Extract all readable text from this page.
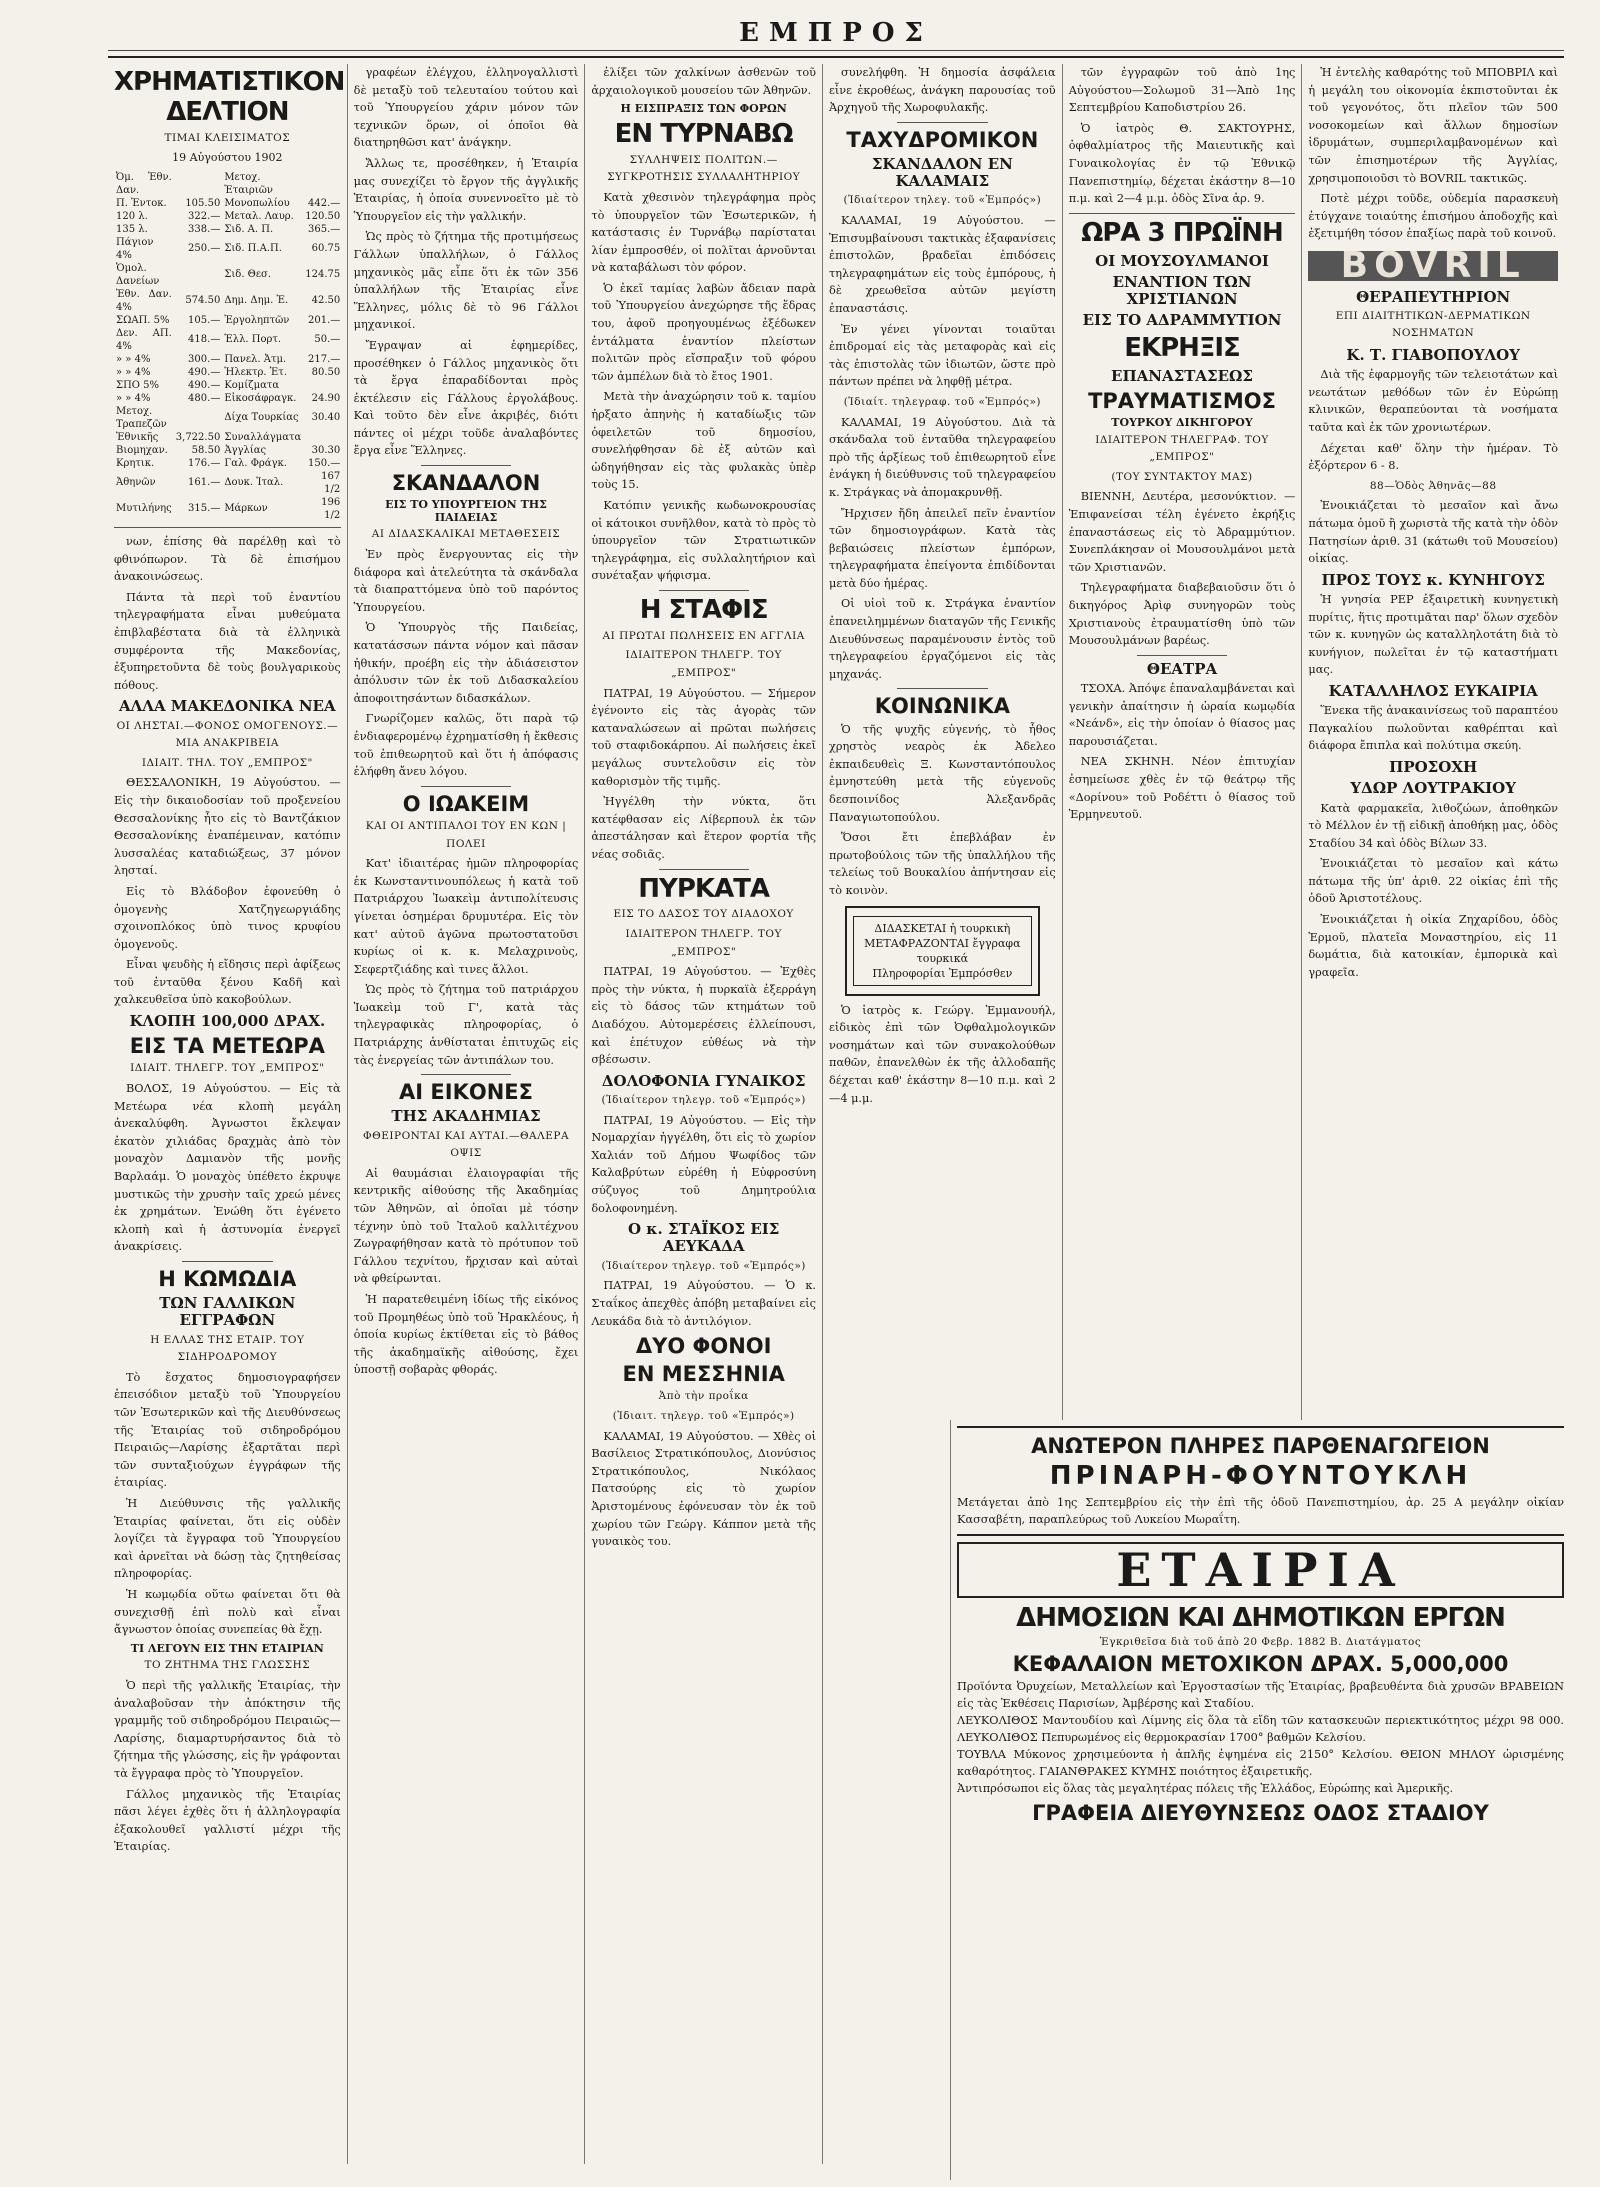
ΕΜΠΡΟΣ
ΧΡΗΜΑΤΙΣΤΙΚΟΝ ΔΕΛΤΙΟΝ
ΤΙΜΑΙ ΚΛΕΙΣΙΜΑΤΟΣ
19 Αὐγούστου 1902
Ὀμ. Ἐθν. Δαν.		Μετοχ. Ἑταιριῶν	
Π. Ἐντοκ.	105.50	Μονοπωλίου	442.—
120 λ.	322.—	Μεταλ. Λαυρ.	120.50
135 λ.	338.—	Σιδ. Α. Π.	365.—
Πάγιον 4%	250.—	Σιδ. Π.Α.Π.	60.75
Ὁμολ. Δανείων		Σιδ. Θεσ.	124.75
Ἐθν. Δαν. 4%	574.50	Δημ. Δημ. Ἐ.	42.50
ΣΩΑΠ. 5%	105.—	Ἐργοληπτῶν	201.—
Δεν. ΑΠ. 4%	418.—	Ἑλλ. Πορτ.	50.—
» » 4%	300.—	Πανελ. Ἀτμ.	217.—
» » 4%	490.—	Ἡλεκτρ. Ἐτ.	80.50
ΣΠΟ 5%	490.—	Κομίζματα	
» » 4%	480.—	Εἰκοσάφραγκ.	24.90
Μετοχ. Τραπεζῶν		Δίχα Τουρκίας	30.40
Ἐθνικῆς	3,722.50	Συναλλάγματα	
Βιομηχαν.	58.50	Ἀγγλίας	30.30
Κρητικ.	176.—	Γαλ. Φράγκ.	150.—
Ἀθηνῶν	161.—	Δουκ. Ἰταλ.	167 1/2
Μυτιλήνης	315.—	Μάρκων	196 1/2

νων, ἐπίσης θὰ παρέλθῃ καὶ τὸ φθινόπωρον. Τὰ δὲ ἐπισήμου ἀνακοινώσεως.

Πάντα τὰ περὶ τοῦ ἐναντίου τηλεγραφήματα εἶναι μυθεύματα ἐπιβλαβέστατα διὰ τὰ ἑλληνικὰ συμφέροντα τῆς Μακεδονίας, ἐξυπηρετοῦντα δὲ τοὺς βουλγαρικοὺς πόθους.

ΑΛΛΑ ΜΑΚΕΔΟΝΙΚΑ ΝΕΑ
ΟΙ ΛΗΣΤΑΙ.—ΦΟΝΟΣ ΟΜΟΓΕΝΟΥΣ.— ΜΙΑ ΑΝΑΚΡΙΒΕΙΑ
ΙΔΙΑΙΤ. ΤΗΛ. ΤΟΥ „ΕΜΠΡΟΣ"

ΘΕΣΣΑΛΟΝΙΚΗ, 19 Αὐγούστου. — Εἰς τὴν δικαιοδοσίαν τοῦ προξενείου Θεσσαλονίκης ἦτο εἰς τὸ Βαντζάκιον Θεσσαλονίκης ἐναπέμειναν, κατόπιν λυσσαλέας καταδιώξεως, 37 μόνον λησταί.

Εἰς τὸ Βλάδοβον ἐφονεύθη ὁ ὁμογενὴς Χατζηγεωργιάδης σχοινοπλόκος ὑπὸ τινος κρυφίου ὁμογενοῦς.

Εἶναι ψευδὴς ἡ εἴδησις περὶ ἀφίξεως τοῦ ἐνταῦθα ξένου Καδῆ καὶ χαλκευθεῖσα ὑπὸ κακοβούλων.

ΚΛΟΠΗ 100,000 ΔΡΑΧ.
ΕΙΣ ΤΑ ΜΕΤΕΩΡΑ
ΙΔΙΑΙΤ. ΤΗΛΕΓΡ. ΤΟΥ „ΕΜΠΡΟΣ"

ΒΟΛΟΣ, 19 Αὐγούστου. — Εἰς τὰ Μετέωρα νέα κλοπὴ μεγάλη ἀνεκαλύφθη. Ἀγνωστοι ἔκλεψαν ἐκατὸν χιλιάδας δραχμὰς ἀπὸ τὸν μοναχὸν Δαμιανὸν τῆς μονῆς Βαρλαάμ. Ὁ μοναχὸς ὑπέθετο ἐκρυψε μυστικῶς τὴν χρυσὴν ταῖς χρεώ μένες ἐκ χρημάτων. Ἐνώθη ὅτι ἐγένετο κλοπὴ καὶ ἡ ἀστυνομία ἐνεργεῖ ἀνακρίσεις.

Η ΚΩΜΩΔΙΑ
ΤΩΝ ΓΑΛΛΙΚΩΝ ΕΓΓΡΑΦΩΝ
Η ΕΛΛΑΣ ΤΗΣ ΕΤΑΙΡ. ΤΟΥ ΣΙΔΗΡΟΔΡΟΜΟΥ

Τὸ ἔσχατος δημοσιογραφήσεν ἐπεισόδιον μεταξὺ τοῦ Ὑπουργείου τῶν Ἐσωτερικῶν καὶ τῆς Διευθύνσεως τῆς Ἑταιρίας τοῦ σιδηροδρόμου Πειραιῶς—Λαρίσης ἐξαρτᾶται περὶ τῶν συνταξιούχων ἐγγράφων τῆς ἑταιρίας.

Ἡ Διεύθυνσις τῆς γαλλικῆς Ἑταιρίας φαίνεται, ὅτι εἰς οὐδὲν λογίζει τὰ ἔγγραφα τοῦ Ὑπουργείου καὶ ἀρνεῖται νὰ δώσῃ τὰς ζητηθείσας πληροφορίας.

Ἡ κωμῳδία οὕτω φαίνεται ὅτι θὰ συνεχισθῇ ἐπὶ πολὺ καὶ εἶναι ἄγνωστον ὁποίας συνεπείας θὰ ἔχῃ.

ΤΙ ΛΕΓΟΥΝ ΕΙΣ ΤΗΝ ΕΤΑΙΡΙΑΝ
ΤΟ ΖΗΤΗΜΑ ΤΗΣ ΓΛΩΣΣΗΣ

Ὁ περὶ τῆς γαλλικῆς Ἑταιρίας, τὴν ἀναλαβοῦσαν τὴν ἀπόκτησιν τῆς γραμμῆς τοῦ σιδηροδρόμου Πειραιῶς—Λαρίσης, διαμαρτυρήσαντος διὰ τὸ ζήτημα τῆς γλώσσης, εἰς ἣν γράφονται τὰ ἔγγραφα πρὸς τὸ Ὑπουργεῖον.

Γάλλος μηχανικὸς τῆς Ἑταιρίας πᾶσι λέγει ἐχθὲς ὅτι ἡ ἀλληλογραφία ἐξακολουθεῖ γαλλιστί μέχρι τῆς Ἑταιρίας.

γραφέων ἐλέγχου, ἑλληνογαλλιστὶ δὲ μεταξὺ τοῦ τελευταίου τούτου καὶ τοῦ Ὑπουργείου χάριν μόνον τῶν τεχνικῶν ὅρων, οἱ ὁποῖοι θὰ διατηρηθῶσι κατ' ἀνάγκην.

Ἄλλως τε, προσέθηκεν, ἡ Ἑταιρία μας συνεχίζει τὸ ἔργον τῆς ἀγγλικῆς Ἑταιρίας, ἡ ὁποία συνεννοεῖτο μὲ τὸ Ὑπουργεῖον εἰς τὴν γαλλικήν.

Ὡς πρὸς τὸ ζήτημα τῆς προτιμήσεως Γάλλων ὑπαλλήλων, ὁ Γάλλος μηχανικὸς μᾶς εἶπε ὅτι ἐκ τῶν 356 ὑπαλλήλων τῆς Ἑταιρίας εἶνε Ἕλληνες, μόλις δὲ τὸ 96 Γάλλοι μηχανικοί.

Ἔγραψαν αἱ ἐφημερίδες, προσέθηκεν ὁ Γάλλος μηχανικὸς ὅτι τὰ ἔργα ἐπαραδίδονται πρὸς ἐκτέλεσιν εἰς Γάλλους ἐργολάβους. Καὶ τοῦτο δὲν εἶνε ἀκριβές, διότι πάντες οἱ μέχρι τοῦδε ἀναλαβόντες ἔργα εἶνε Ἕλληνες.

ΣΚΑΝΔΑΛΟΝ
ΕΙΣ ΤΟ ΥΠΟΥΡΓΕΙΟΝ ΤΗΣ ΠΑΙΔΕΙΑΣ
ΑΙ ΔΙΔΑΣΚΑΛΙΚΑΙ ΜΕΤΑΘΕΣΕΙΣ

Ἐν πρὸς ἔνεργουντας εἰς τὴν διάφορα καὶ ἀτελεύτητα τὰ σκάνδαλα τὰ διαπραττόμενα ὑπὸ τοῦ παρόντος Ὑπουργείου.

Ὁ Ὑπουργὸς τῆς Παιδείας, κατατάσσων πάντα νόμον καὶ πᾶσαν ἠθικήν, προέβη εἰς τὴν ἀδιάσειστον ἀπόλυσιν τῶν ἐκ τοῦ Διδασκαλείου ἀποφοιτησάντων διδασκάλων.

Γνωρίζομεν καλῶς, ὅτι παρὰ τῷ ἐνδιαφερομένῳ ἐχρηματίσθη ἡ ἔκθεσις τοῦ ἐπιθεωρητοῦ καὶ ὅτι ἡ ἀπόφασις ἐλήφθη ἄνευ λόγου.

Ο ΙΩΑΚΕΙΜ
ΚΑΙ ΟΙ ΑΝΤΙΠΑΛΟΙ ΤΟΥ ΕΝ ΚΩΝ | ΠΟΛΕΙ

Κατ' ἰδιαιτέρας ἡμῶν πληροφορίας ἐκ Κωνσταντινουπόλεως ἡ κατὰ τοῦ Πατριάρχου Ἰωακεὶμ ἀντιπολίτευσις γίνεται ὁσημέραι δρυμυτέρα. Εἰς τὸν κατ' αὐτοῦ ἀγῶνα πρωτοστατοῦσι κυρίως οἱ κ. κ. Μελαχρινοὺς, Σεφερτζιάδης καὶ τινες ἄλλοι.

Ὡς πρὸς τὸ ζήτημα τοῦ πατριάρχου Ἰωακεὶμ τοῦ Γ', κατὰ τὰς τηλεγραφικὰς πληροφορίας, ὁ Πατριάρχης ἀνθίσταται ἐπιτυχῶς εἰς τὰς ἐνεργείας τῶν ἀντιπάλων του.

ΑΙ ΕΙΚΟΝΕΣ
ΤΗΣ ΑΚΑΔΗΜΙΑΣ
ΦΘΕΙΡΟΝΤΑΙ ΚΑΙ ΑΥΤΑΙ.—ΘΑΛΕΡΑ ΟΨΙΣ

Αἱ θαυμάσιαι ἐλαιογραφίαι τῆς κεντρικῆς αἰθούσης τῆς Ἀκαδημίας τῶν Ἀθηνῶν, αἱ ὁποῖαι μὲ τόσην τέχνην ὑπὸ τοῦ Ἰταλοῦ καλλιτέχνου Ζωγραφήθησαν κατὰ τὸ πρότυπον τοῦ Γάλλου τεχνίτου, ἤρχισαν καὶ αὐταὶ νὰ φθείρωνται.

Ἡ παρατεθειμένη ἰδίως τῆς εἰκόνος τοῦ Προμηθέως ὑπὸ τοῦ Ἡρακλέους, ἡ ὁποία κυρίως ἐκτίθεται εἰς τὸ βάθος τῆς ἀκαδημαϊκῆς αἰθούσης, ἔχει ὑποστῇ σοβαρὰς φθοράς.

ἐλίξει τῶν χαλκίνων ἀσθενῶν τοῦ ἀρχαιολογικοῦ μουσείου τῶν Ἀθηνῶν.

Η ΕΙΣΠΡΑΞΙΣ ΤΩΝ ΦΟΡΩΝ
ΕΝ ΤΥΡΝΑΒΩ
ΣΥΛΛΗΨΕΙΣ ΠΟΛΙΤΩΝ.—ΣΥΓΚΡΟΤΗΣΙΣ ΣΥΛΛΑΛΗΤΗΡΙΟΥ

Κατὰ χθεσινὸν τηλεγράφημα πρὸς τὸ ὑπουργεῖον τῶν Ἐσωτερικῶν, ἡ κατάστασις ἐν Τυρνάβῳ παρίσταται λίαν ἐμπροσθέν, οἱ πολῖται ἀρνοῦνται νὰ καταβάλωσι τὸν φόρον.

Ὁ ἐκεῖ ταμίας λαβὼν ἄδειαν παρὰ τοῦ Ὑπουργείου ἀνεχώρησε τῆς ἕδρας του, ἀφοῦ προηγουμένως ἐξέδωκεν ἐντάλματα ἐναντίον πλείστων πολιτῶν πρὸς εἴσπραξιν τοῦ φόρου τῶν ἀμπέλων διὰ τὸ ἔτος 1901.

Μετὰ τὴν ἀναχώρησιν τοῦ κ. ταμίου ἠρξατο ἀπηνὴς ἡ καταδίωξις τῶν ὀφειλετῶν τοῦ δημοσίου, συνελήφθησαν δὲ ἐξ αὐτῶν καὶ ὡδηγήθησαν εἰς τὰς φυλακὰς ὑπὲρ τοὺς 15.

Κατόπιν γενικῆς κωδωνοκρουσίας οἱ κάτοικοι συνῆλθον, κατὰ τὸ πρὸς τὸ ὑπουργεῖον τῶν Στρατιωτικῶν τηλεγράφημα, εἰς συλλαλητήριον καὶ συνέταξαν ψήφισμα.

Η ΣΤΑΦΙΣ
ΑΙ ΠΡΩΤΑΙ ΠΩΛΗΣΕΙΣ ΕΝ ΑΓΓΛΙΑ
ΙΔΙΑΙΤΕΡΟΝ ΤΗΛΕΓΡ. ΤΟΥ „ΕΜΠΡΟΣ"

ΠΑΤΡΑΙ, 19 Αὐγούστου. — Σήμερον ἐγένοντο εἰς τὰς ἀγορὰς τῶν καταναλώσεων αἱ πρῶται πωλήσεις τοῦ σταφιδοκάρπου. Αἱ πωλήσεις ἐκεῖ μεγάλως συντελοῦσιν εἰς τὸν καθορισμὸν τῆς τιμῆς.

Ἠγγέλθη τὴν νύκτα, ὅτι κατέφθασαν εἰς Λίβερπουλ ἐκ τῶν ἀπεστάλησαν καὶ ἕτερον φορτία τῆς νέας σοδιᾶς.

ΠΥΡΚΑΤΑ
ΕΙΣ ΤΟ ΔΑΣΟΣ ΤΟΥ ΔΙΑΔΟΧΟΥ
ΙΔΙΑΙΤΕΡΟΝ ΤΗΛΕΓΡ. ΤΟΥ „ΕΜΠΡΟΣ"

ΠΑΤΡΑΙ, 19 Αὐγούστου. — Ἐχθὲς πρὸς τὴν νύκτα, ἡ πυρκαϊὰ ἐξερράγη εἰς τὸ δάσος τῶν κτημάτων τοῦ Διαδόχου. Αὐτομερέσεις ἐλλείπουσι, καὶ ἐπέτυχον εὐθέως νὰ τὴν σβέσωσιν.

ΔΟΛΟΦΟΝΙΑ ΓΥΝΑΙΚΟΣ
(Ἰδιαίτερον τηλεγρ. τοῦ «Ἐμπρός»)

ΠΑΤΡΑΙ, 19 Αὐγούστου. — Εἰς τὴν Νομαρχίαν ἠγγέλθη, ὅτι εἰς τὸ χωρίον Χαλιάν τοῦ Δήμου Ψωφίδος τῶν Καλαβρύτων εὑρέθη ἡ Εὐφροσύνη σύζυγος τοῦ Δημητρούλια δολοφονημένη.

Ο κ. ΣΤΑΪΚΟΣ ΕΙΣ ΑΕΥΚΑΔΑ
(Ἰδιαίτερον τηλεγρ. τοῦ «Ἐμπρός»)

ΠΑΤΡΑΙ, 19 Αὐγούστου. — Ὁ κ. Σταΐκος ἀπεχθὲς ἀπόβη μεταβαίνει εἰς Λευκάδα διὰ τὸ ἀντιλόγιον.

ΔΥΟ ΦΟΝΟΙ
ΕΝ ΜΕΣΣΗΝΙΑ
Ἀπὸ τὴν προΐκα
(Ἰδιαιτ. τηλεγρ. τοῦ «Ἐμπρός»)

ΚΑΛΑΜΑΙ, 19 Αὐγούστου. — Χθὲς οἱ Βασίλειος Στρατικόπουλος, Διονύσιος Στρατικόπουλος, Νικόλαος Πατσούρης εἰς τὸ χωρίον Ἀριστομένους ἐφόνευσαν τὸν ἐκ τοῦ χωρίου τῶν Γεώργ. Κάππον μετὰ τῆς γυναικὸς του.

συνελήφθη. Ἡ δημοσία ἀσφάλεια εἶνε ἐκροθέως, ἀνάγκη παρουσίας τοῦ Ἀρχηγοῦ τῆς Χωροφυλακῆς.

ΤΑΧΥΔΡΟΜΙΚΟΝ
ΣΚΑΝΔΑΛΟΝ ΕΝ ΚΑΛΑΜΑΙΣ
(Ἰδιαίτερον τηλεγ. τοῦ «Ἐμπρός»)

ΚΑΛΑΜΑΙ, 19 Αὐγούστου. — Ἐπισυμβαίνουσι τακτικὰς ἐξαφανίσεις ἐπιστολῶν, βραδεῖαι ἐπιδόσεις τηλεγραφημάτων εἰς τοὺς ἐμπόρους, ἡ δὲ χρεωθεῖσα αὐτῶν μεγίστη ἐπαναστάσις.

Ἐν γένει γίνονται τοιαῦται ἐπιδρομαί εἰς τὰς μεταφορὰς καὶ εἰς τὰς ἐπιστολὰς τῶν ἰδιωτῶν, ὥστε πρὸ πάντων πρέπει νὰ ληφθῇ μέτρα.

(Ἰδιαίτ. τηλεγραφ. τοῦ «Ἐμπρός»)

ΚΑΛΑΜΑΙ, 19 Αὐγούστου. Διὰ τὰ σκάνδαλα τοῦ ἐνταῦθα τηλεγραφείου πρὸ τῆς ἀρξίεως τοῦ ἐπιθεωρητοῦ εἶνε ἐνάγκη ἡ διεύθυνσις τοῦ τηλεγραφείου κ. Στράγκας νὰ ἀπομακρυνθῇ.

Ἤρχισεν ἤδη ἀπειλεῖ πεῖν ἐναντίον τῶν δημοσιογράφων. Κατὰ τὰς βεβαιώσεις πλείστων ἐμπόρων, τηλεγραφήματα ἐπείγοντα ἐπιδίδονται μετὰ δύο ἡμέρας.

Οἱ υἱοὶ τοῦ κ. Στράγκα ἐναντίον ἐπανειλημμένων διαταγῶν τῆς Γενικῆς Διευθύνσεως παραμένουσιν ἐντὸς τοῦ τηλεγραφείου ἐργαζόμενοι εἰς τὰς μηχανάς.

ΚΟΙΝΩΝΙΚΑ

Ὁ τῆς ψυχῆς εὐγενής, τὸ ἦθος χρηστὸς νεαρὸς ἐκ Ἀδελεο ἐκπαιδευθεὶς Ξ. Κωνσταντόπουλος ἐμνηστεύθη μετὰ τῆς εὐγενοῦς δεσποινίδος Ἀλεξανδρᾶς Παναγιωτοπούλου.

Ὅσοι ἔτι ἐπεβλάβαν ἐν πρωτοβούλοις τῶν τῆς ὑπαλλήλου τῆς τελείως τοῦ Βουκαλίου ἀπήντησαν εἰς τὸ κοινὸν.

ΔΙΔΑΣΚΕΤΑΙ ἡ τουρκικὴ ΜΕΤΑΦΡΑΖΟΝΤΑΙ ἔγγραφα τουρκικά
Πληροφορίαι Ἐμπρόσθεν

Ὁ ἰατρὸς κ. Γεώργ. Ἐμμανουήλ, εἰδικὸς ἐπὶ τῶν Ὀφθαλμολογικῶν νοσημάτων καὶ τῶν συνακολούθων παθῶν, ἐπανελθὼν ἐκ τῆς ἀλλοδαπῆς δέχεται καθ' ἑκάστην 8—10 π.μ. καὶ 2—4 μ.μ.

τῶν ἐγγραφῶν τοῦ ἀπὸ 1ης Αὐγούστου—Σολωμοῦ 31—Ἀπὸ 1ης Σεπτεμβρίου Καποδιστρίου 26.

Ὁ ἰατρὸς Θ. ΣΑΚΤΟΥΡΗΣ, ὀφθαλμίατρος τῆς Μαιευτικῆς καὶ Γυναικολογίας ἐν τῷ Ἐθνικῷ Πανεπιστημίῳ, δέχεται ἑκάστην 8—10 π.μ. καὶ 2—4 μ.μ. ὁδὸς Σῖνα ἀρ. 9.

ΩΡΑ 3 ΠΡΩΪΝΗ
ΟΙ ΜΟΥΣΟΥΛΜΑΝΟΙ
ΕΝΑΝΤΙΟΝ ΤΩΝ ΧΡΙΣΤΙΑΝΩΝ
ΕΙΣ ΤΟ ΑΔΡΑΜΜΥΤΙΟΝ
ΕΚΡΗΞΙΣ
ΕΠΑΝΑΣΤΑΣΕΩΣ
ΤΡΑΥΜΑΤΙΣΜΟΣ
ΤΟΥΡΚΟΥ ΔΙΚΗΓΟΡΟΥ
ΙΔΙΑΙΤΕΡΟΝ ΤΗΛΕΓΡΑΦ. ΤΟΥ „ΕΜΠΡΟΣ"
(ΤΟΥ ΣΥΝΤΑΚΤΟΥ ΜΑΣ)

ΒΙΕΝΝΗ, Δευτέρα, μεσονύκτιον. — Ἐπιφανείσαι τέλη ἐγένετο ἐκρήξις ἐπαναστάσεως εἰς τὸ Ἀδραμμύτιον. Συνεπλάκησαν οἱ Μουσουλμάνοι μετὰ τῶν Χριστιανῶν.

Τηλεγραφήματα διαβεβαιοῦσιν ὅτι ὁ δικηγόρος Ἀρὶφ συνηγορῶν τοὺς Χριστιανοὺς ἐτραυματίσθη ὑπὸ τῶν Μουσουλμάνων βαρέως.

ΘΕΑΤΡΑ

ΤΣΟΧΑ. Ἀπόψε ἐπαναλαμβάνεται καὶ γενικὴν ἀπαίτησιν ἡ ὡραία κωμῳδία «Νεάνδ», εἰς τὴν ὁποίαν ὁ θίασος μας παρουσιάζεται.

ΝΕΑ ΣΚΗΝΗ. Νέον ἐπιτυχίαν ἐσημείωσε χθὲς ἐν τῷ θεάτρῳ τῆς «Δορίνου» τοῦ Ροδέττι ὁ θίασος τοῦ Ἐρμηνευτοῦ.

Ἡ ἐντελὴς καθαρότης τοῦ ΜΠΟΒΡΙΛ καὶ ἡ μεγάλη του οἰκονομία ἐκπιστοῦνται ἐκ τοῦ γεγονότος, ὅτι πλεῖον τῶν 500 νοσοκομείων καὶ ἄλλων δημοσίων ἱδρυμάτων, συμπεριλαμβανομένων καὶ τῶν ἐπισημοτέρων τῆς Ἀγγλίας, χρησιμοποιοῦσι τὸ BOVRIL τακτικῶς.

Ποτὲ μέχρι τοῦδε, οὐδεμία παρασκευὴ ἐτύγχανε τοιαύτης ἐπισήμου ἀποδοχῆς καὶ ἐξετιμήθη τόσον ἐπαξίως παρὰ τοῦ κοινοῦ.

BOVRIL
ΘΕΡΑΠΕΥΤΗΡΙΟΝ
ΕΠΙ ΔΙΑΙΤΗΤΙΚΩΝ-ΔΕΡΜΑΤΙΚΩΝ ΝΟΣΗΜΑΤΩΝ
Κ. Τ. ΓΙΑΒΟΠΟΥΛΟΥ

Διὰ τῆς ἐφαρμογῆς τῶν τελειοτάτων καὶ νεωτάτων μεθόδων τῶν ἐν Εὐρώπῃ κλινικῶν, θεραπεύονται τὰ νοσήματα ταῦτα καὶ ἐκ τῶν χρονιωτέρων.

Δέχεται καθ' ὅλην τὴν ἡμέραν. Τὸ ἐξόρτερον 6 - 8.

88—Ὁδὸς Ἀθηνᾶς—88

Ἐνοικιάζεται τὸ μεσαῖον καὶ ἄνω πάτωμα ὁμοῦ ἢ χωριστὰ τῆς κατὰ τὴν ὁδὸν Πατησίων ἀριθ. 31 (κάτωθι τοῦ Μουσείου) οἰκίας.

ΠΡΟΣ ΤΟΥΣ κ. ΚΥΝΗΓΟΥΣ

Ἡ γνησία ΡΕΡ ἐξαιρετικὴ κυνηγετικὴ πυρίτις, ἥτις προτιμᾶται παρ' ὅλων σχεδὸν τῶν κ. κυνηγῶν ὡς καταλληλοτάτη διὰ τὸ κυνήγιον, πωλεῖται ἐν τῷ καταστήματι μας.

ΚΑΤΑΛΛΗΛΟΣ ΕΥΚΑΙΡΙΑ

Ἕνεκα τῆς ἀνακαινίσεως τοῦ παραπτέου Παγκαλίου πωλοῦνται καθρέπται καὶ διάφορα ἔπιπλα καὶ πολύτιμα σκεύη.

ΠΡΟΣΟΧΗ
ΥΔΩΡ ΛΟΥΤΡΑΚΙΟΥ

Κατὰ φαρμακεῖα, λιθοζώων, ἀποθηκῶν τὸ Μέλλον ἐν τῇ εἰδικῇ ἀποθήκῃ μας, ὁδὸς Σταδίου 34 καὶ ὁδὸς Βίλων 33.

Ἐνοικιάζεται τὸ μεσαῖον καὶ κάτω πάτωμα τῆς ὑπ' ἀριθ. 22 οἰκίας ἐπὶ τῆς ὁδοῦ Ἀριστοτέλους.

Ἐνοικιάζεται ἡ οἰκία Ζηχαρίδου, ὁδὸς Ἑρμοῦ, πλατεῖα Μοναστηρίου, εἰς 11 δωμάτια, διὰ κατοικίαν, ἐμπορικὰ καὶ γραφεῖα.

ΑΝΩΤΕΡΟΝ ΠΛΗΡΕΣ ΠΑΡΘΕΝΑΓΩΓΕΙΟΝ
ΠΡΙΝΑΡΗ-ΦΟΥΝΤΟΥΚΛΗ
Μετάγεται ἀπὸ 1ης Σεπτεμβρίου εἰς τὴν ἐπὶ τῆς ὁδοῦ Πανεπιστημίου, ἀρ. 25 Α μεγάλην οἰκίαν Κασσαβέτη, παραπλεύρως τοῦ Λυκείου Μωραΐτη.
ΕΤΑΙΡΙΑ
ΔΗΜΟΣΙΩΝ ΚΑΙ ΔΗΜΟΤΙΚΩΝ ΕΡΓΩΝ
Ἐγκριθεῖσα διὰ τοῦ ἀπὸ 20 Φεβρ. 1882 Β. Διατάγματος
ΚΕΦΑΛΑΙΟΝ ΜΕΤΟΧΙΚΟΝ ΔΡΑΧ. 5,000,000
Προϊόντα Ὀρυχείων, Μεταλλείων καὶ Ἐργοστασίων τῆς Ἑταιρίας, βραβευθέντα διὰ χρυσῶν ΒΡΑΒΕΙΩΝ εἰς τὰς Ἐκθέσεις Παρισίων, Ἀμβέρσης καὶ Σταδίου.
ΛΕΥΚΟΛΙΘΟΣ Μαντουδίου καὶ Λίμνης εἰς ὅλα τὰ εἴδη τῶν κατασκευῶν περιεκτικότητος μέχρι 98 000. ΛΕΥΚΟΛΙΘΟΣ Πεπυρωμένος εἰς θερμοκρασίαν 1700° βαθμῶν Κελσίου.
ΤΟΥΒΛΑ Μύκονος χρησιμεύοντα ἡ ἁπλῆς ἐψημένα εἰς 2150° Κελσίου. ΘΕΙΟΝ ΜΗΛΟΥ ὠρισμένης καθαρότητος. ΓΑΙΑΝΘΡΑΚΕΣ ΚΥΜΗΣ ποιότητος ἐξαιρετικῆς.
Ἀντιπρόσωποι εἰς ὅλας τὰς μεγαλητέρας πόλεις τῆς Ἑλλάδος, Εὐρώπης καὶ Ἀμερικῆς.
ΓΡΑΦΕΙΑ ΔΙΕΥΘΥΝΣΕΩΣ ΟΔΟΣ ΣΤΑΔΙΟΥ
